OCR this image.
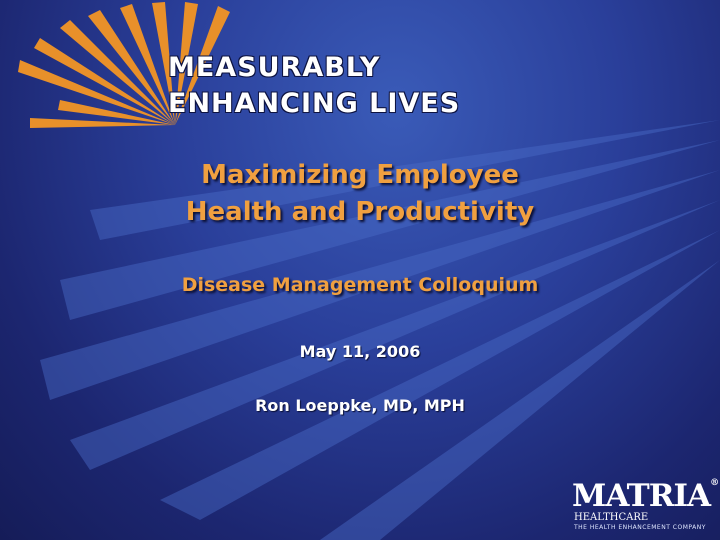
MEASURABLY
ENHANCING LIVES
Maximizing Employee
Health and Productivity
Disease Management Colloquium
May 11, 2006
Ron Loeppke, MD, MPH
MATRIA®
HEALTHCARE
THE HEALTH ENHANCEMENT COMPANY
